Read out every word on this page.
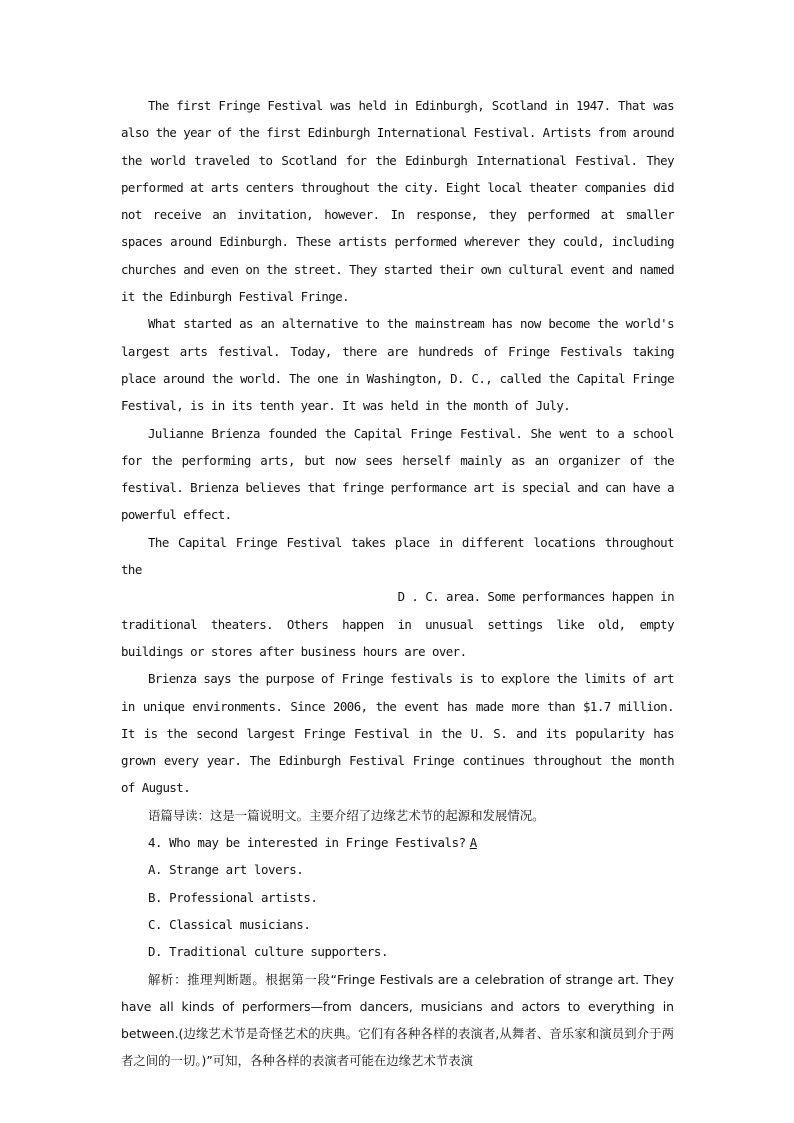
The first Fringe Festival was held in Edinburgh, Scotland in 1947. That was also the year of the first Edinburgh International Festival. Artists from around the world traveled to Scotland for the Edinburgh International Festival. They performed at arts centers throughout the city. Eight local theater companies did not receive an invitation, however. In response, they performed at smaller spaces around Edinburgh. These artists performed wherever they could, including churches and even on the street. They started their own cultural event and named it the Edinburgh Festival Fringe.

What started as an alternative to the mainstream has now become the world's largest arts festival. Today, there are hundreds of Fringe Festivals taking place around the world. The one in Washington, D. C., called the Capital Fringe Festival, is in its tenth year. It was held in the month of July.

Julianne Brienza founded the Capital Fringe Festival. She went to a school for the performing arts, but now sees herself mainly as an organizer of the festival. Brienza believes that fringe performance art is special and can have a powerful effect.

The Capital Fringe Festival takes place in different locations throughout the

D . C. area. Some performances happen in

traditional theaters. Others happen in unusual settings like old, empty buildings or stores after business hours are over.

Brienza says the purpose of Fringe festivals is to explore the limits of art in unique environments. Since 2006, the event has made more than $1.7 million. It is the second largest Fringe Festival in the U. S. and its popularity has grown every year. The Edinburgh Festival Fringe continues throughout the month of August.

语篇导读：这是一篇说明文。主要介绍了边缘艺术节的起源和发展情况。

4. Who may be interested in Fringe Festivals? A

A. Strange art lovers.

B. Professional artists.

C. Classical musicians.

D. Traditional culture supporters.

解析：推理判断题。根据第一段“Fringe Festivals are a celebration of strange art. They have all kinds of performers—from dancers, musicians and actors to everything in between.(边缘艺术节是奇怪艺术的庆典。它们有各种各样的表演者,从舞者、音乐家和演员到介于两者之间的一切。)”可知，各种各样的表演者可能在边缘艺术节表演
